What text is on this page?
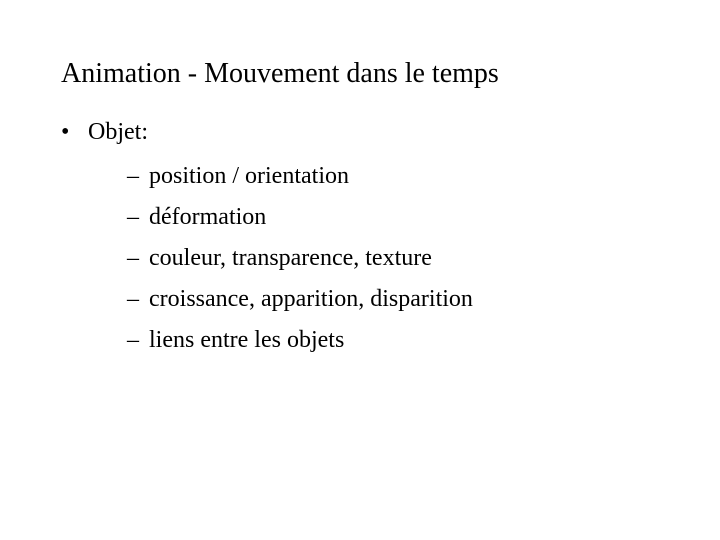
Animation - Mouvement dans le temps
• Objet:
– position / orientation
– déformation
– couleur, transparence, texture
– croissance, apparition, disparition
– liens entre les objets
